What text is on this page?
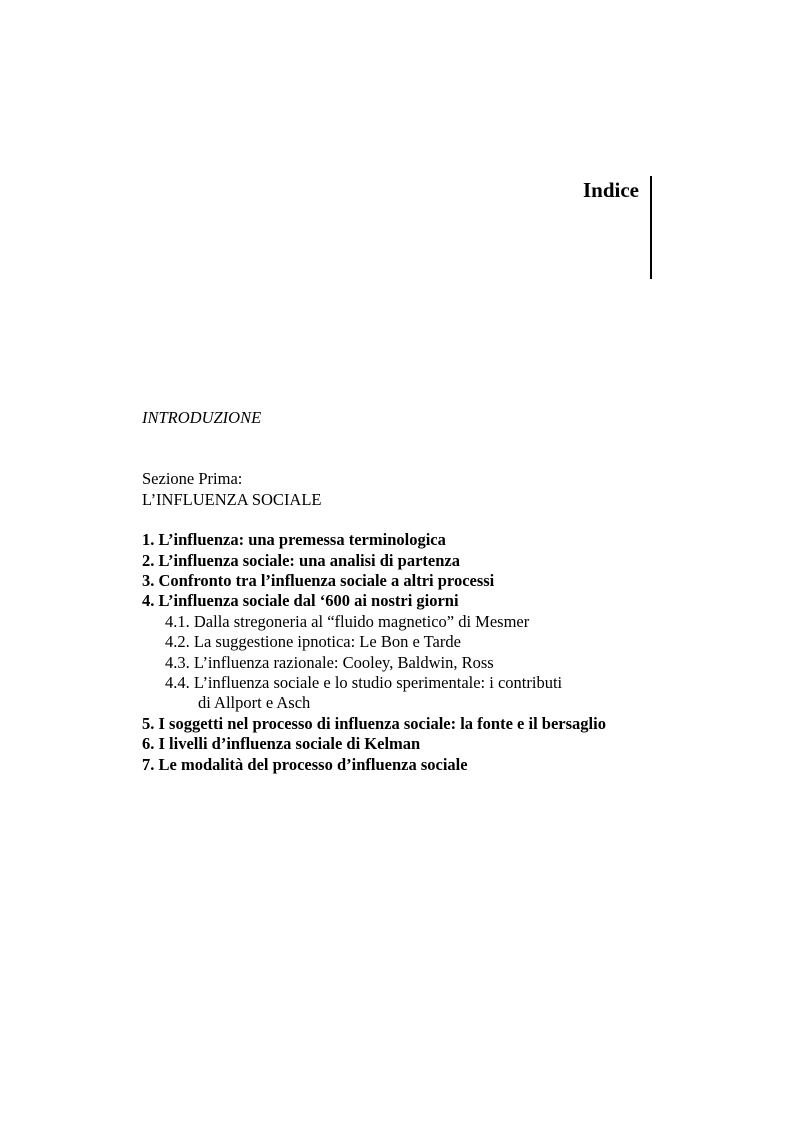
Indice

INTRODUZIONE

Sezione Prima:

L’INFLUENZA SOCIALE

1. L’influenza: una premessa terminologica
2. L’influenza sociale: una analisi di partenza
3. Confronto tra l’influenza sociale a altri processi
4. L’influenza sociale dal ‘600 ai nostri giorni
4.1. Dalla stregoneria al “fluido magnetico” di Mesmer
4.2. La suggestione ipnotica: Le Bon e Tarde
4.3. L’influenza razionale: Cooley, Baldwin, Ross
4.4. L’influenza sociale e lo studio sperimentale: i contributi
di Allport e Asch
5. I soggetti nel processo di influenza sociale: la fonte e il bersaglio
6. I livelli d’influenza sociale di Kelman
7. Le modalità del processo d’influenza sociale
